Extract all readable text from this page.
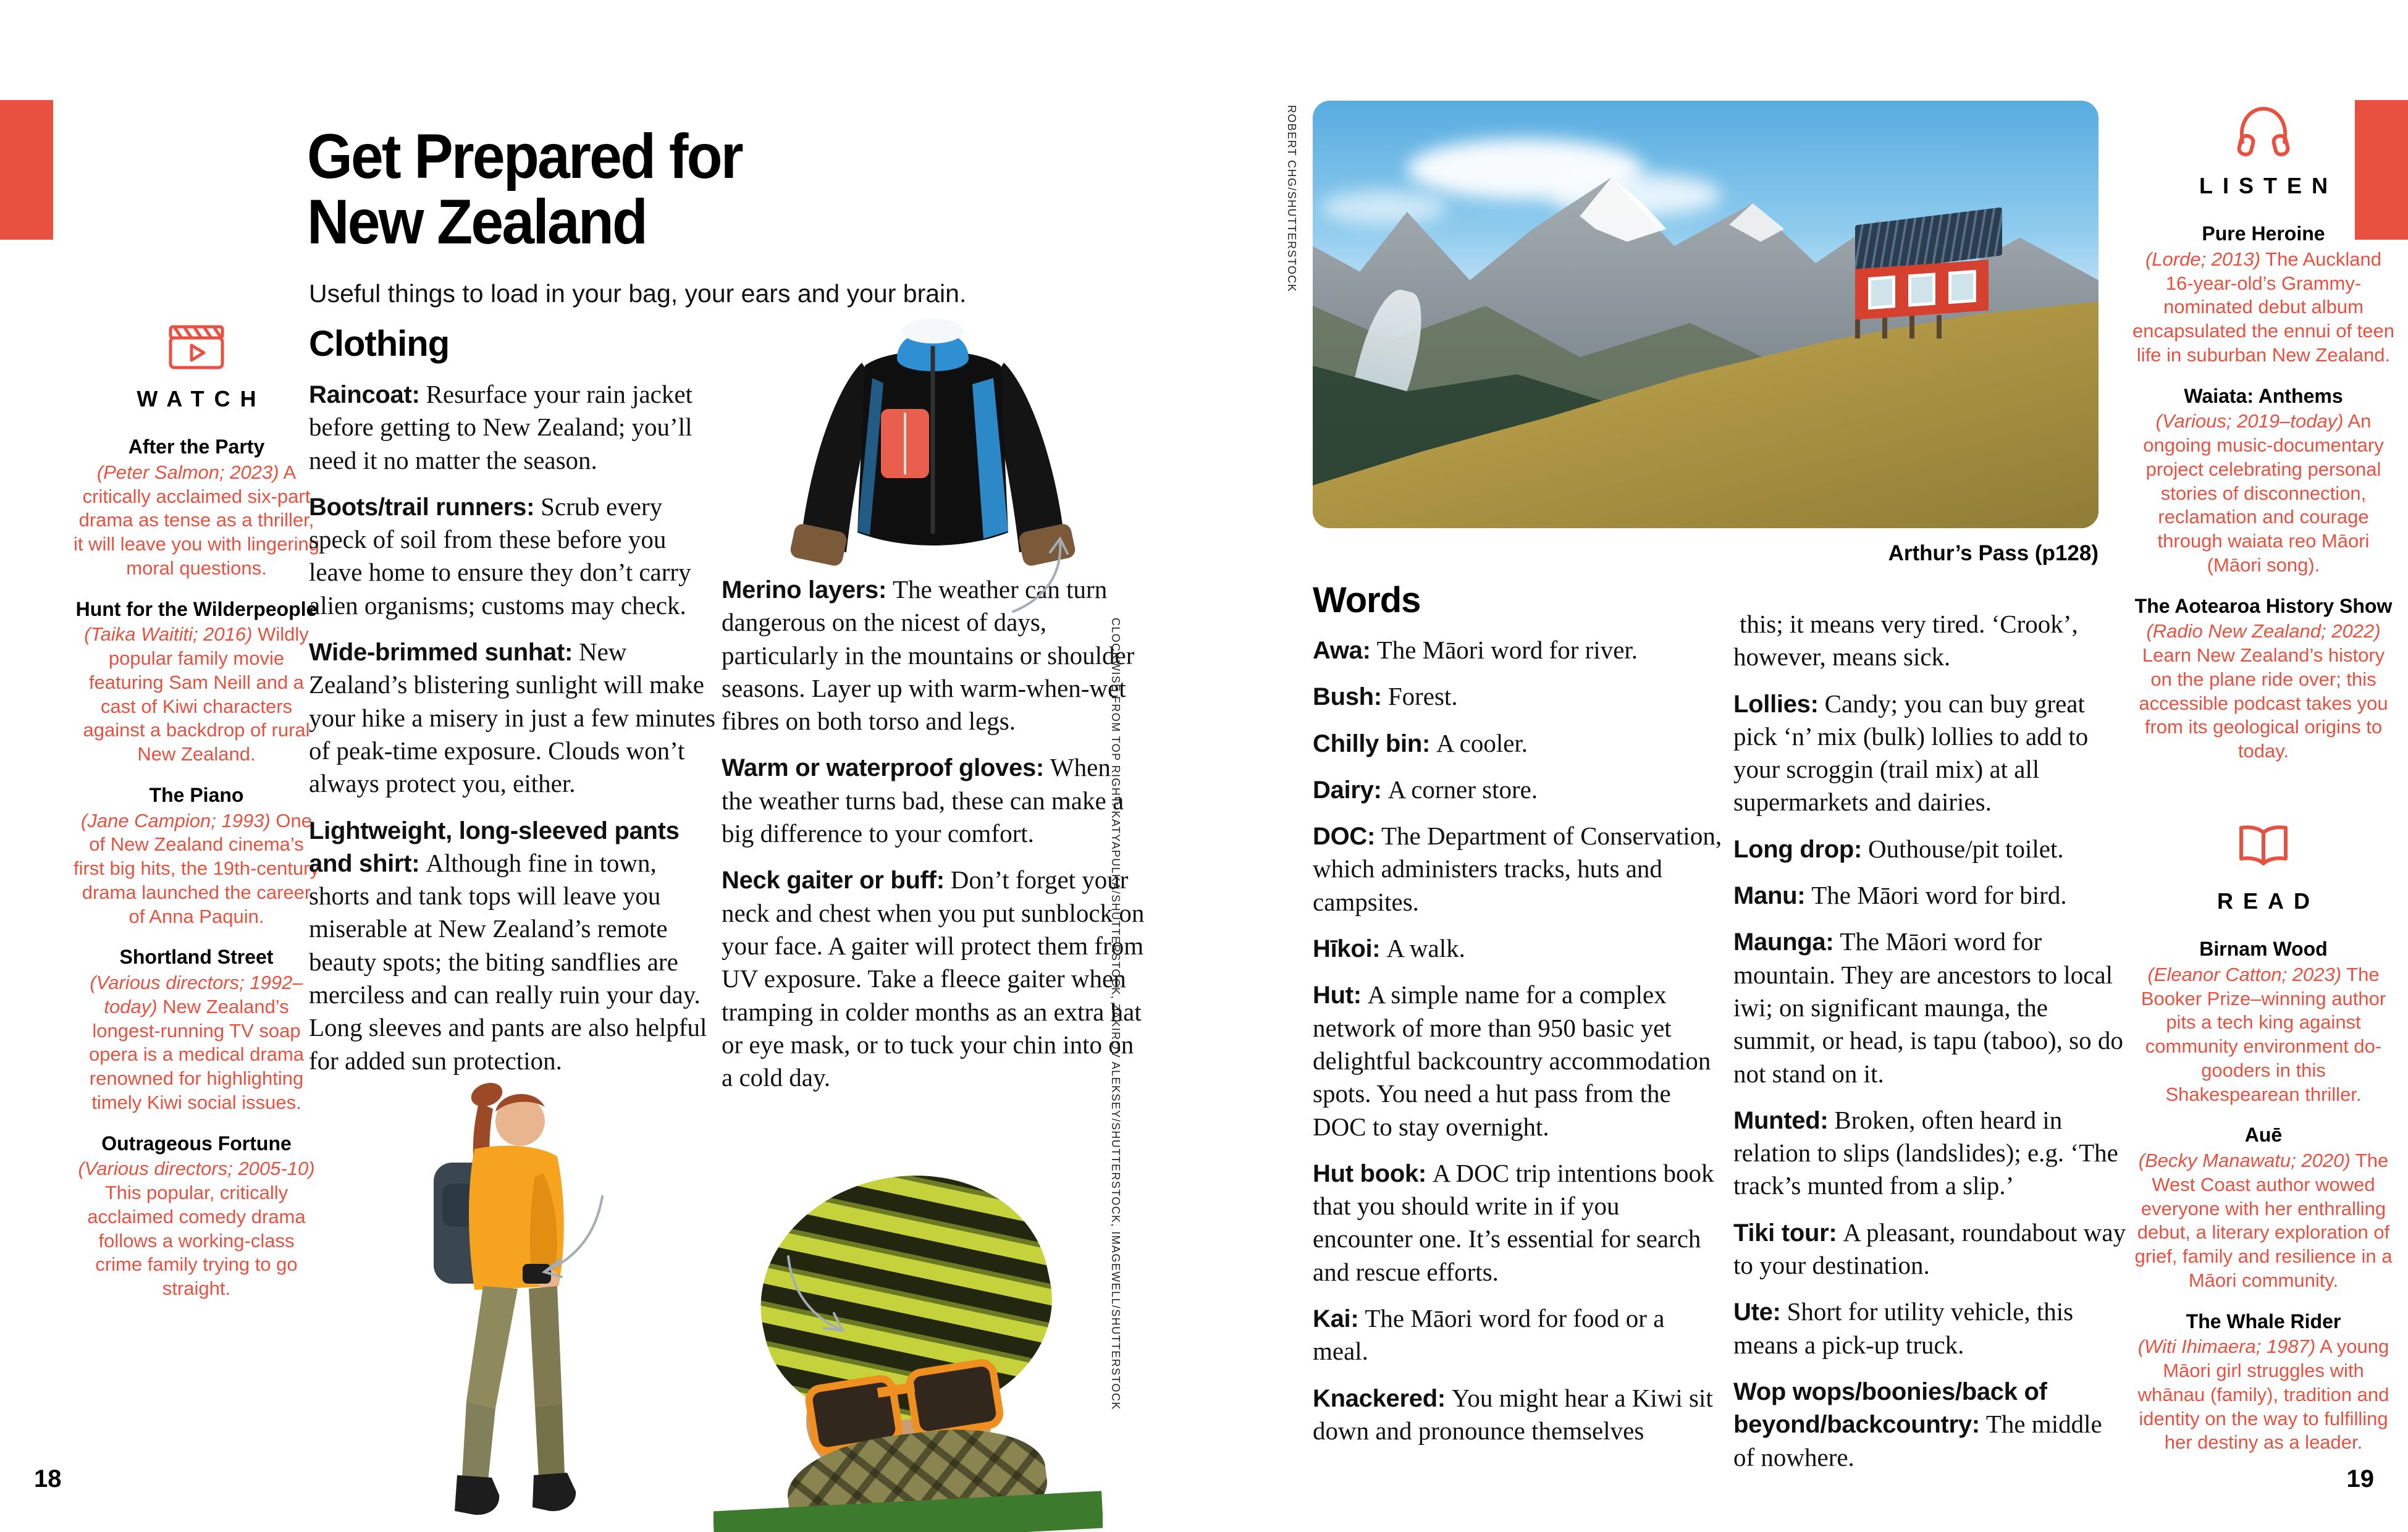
WATCH
After the Party
(Peter Salmon; 2023) A critically acclaimed six-part drama as tense as a thriller, it will leave you with lingering moral questions.
Hunt for the Wilderpeople
(Taika Waititi; 2016) Wildly popular family movie featuring Sam Neill and a cast of Kiwi characters against a backdrop of rural New Zealand.
The Piano
(Jane Campion; 1993) One of New Zealand cinema’s first big hits, the 19th-century drama launched the career of Anna Paquin.
Shortland Street
(Various directors; 1992–today) New Zealand’s longest-running TV soap opera is a medical drama renowned for highlighting timely Kiwi social issues.
Outrageous Fortune
(Various directors; 2005-10) This popular, critically acclaimed comedy drama follows a working-class crime family trying to go straight.
Get Prepared for
New Zealand
Useful things to load in your bag, your ears and your brain.
Clothing

Raincoat: Resurface your rain jacket before getting to New Zealand; you’ll need it no matter the season.

Boots/trail runners: Scrub every speck of soil from these before you leave home to ensure they don’t carry alien organisms; customs may check.

Wide-brimmed sunhat: New Zealand’s blistering sunlight will make your hike a misery in just a few minutes of peak-time exposure. Clouds won’t always protect you, either.

Lightweight, long-sleeved pants and shirt: Although fine in town, shorts and tank tops will leave you miserable at New Zealand’s remote beauty spots; the biting sandflies are merciless and can really ruin your day. Long sleeves and pants are also helpful for added sun protection.

Merino layers: The weather can turn dangerous on the nicest of days, particularly in the mountains or shoulder seasons. Layer up with warm-when-wet fibres on both torso and legs.

Warm or waterproof gloves: When the weather turns bad, these can make a big difference to your comfort.

Neck gaiter or buff: Don’t forget your neck and chest when you put sunblock on your face. A gaiter will protect them from UV exposure. Take a fleece gaiter when tramping in colder months as an extra hat or eye mask, or to tuck your chin into on a cold day.	CLOCKWISE FROM TOP RIGHT: KATYAPULKA/SHUTTERSTOCK, ZAKIROV ALEKSEY/SHUTTERSTOCK, IMAGEWELL/SHUTTERSTOCK
18
ROBERT CHG/SHUTTERSTOCK
Arthur’s Pass (p128)
Words

Awa: The Māori word for river.

Bush: Forest.

Chilly bin: A cooler.

Dairy: A corner store.

DOC: The Department of Conservation, which administers tracks, huts and campsites.

Hīkoi: A walk.

Hut: A simple name for a complex network of more than 950 basic yet delightful backcountry accommodation spots. You need a hut pass from the DOC to stay overnight.

Hut book: A DOC trip intentions book that you should write in if you encounter one. It’s essential for search and rescue efforts.

Kai: The Māori word for food or a meal.

Knackered: You might hear a Kiwi sit down and pronounce themselves

this; it means very tired. ‘Crook’, however, means sick.

Lollies: Candy; you can buy great pick ‘n’ mix (bulk) lollies to add to your scroggin (trail mix) at all supermarkets and dairies.

Long drop: Outhouse/pit toilet.

Manu: The Māori word for bird.

Maunga: The Māori word for mountain. They are ancestors to local iwi; on significant maunga, the summit, or head, is tapu (taboo), so do not stand on it.

Munted: Broken, often heard in relation to slips (landslides); e.g. ‘The track’s munted from a slip.’

Tiki tour: A pleasant, roundabout way to your destination.

Ute: Short for utility vehicle, this means a pick-up truck.

Wop wops/boonies/back of beyond/backcountry: The middle of nowhere.

LISTEN
Pure Heroine
(Lorde; 2013) The Auckland 16-year-old’s Grammy-nominated debut album encapsulated the ennui of teen life in suburban New Zealand.
Waiata: Anthems
(Various; 2019–today) An ongoing music-documentary project celebrating personal stories of disconnection, reclamation and courage through waiata reo Māori (Māori song).
The Aotearoa History Show
(Radio New Zealand; 2022) Learn New Zealand’s history on the plane ride over; this accessible podcast takes you from its geological origins to today.
READ
Birnam Wood
(Eleanor Catton; 2023) The Booker Prize–winning author pits a tech king against community environment do-gooders in this Shakespearean thriller.
Auē
(Becky Manawatu; 2020) The West Coast author wowed everyone with her enthralling debut, a literary exploration of grief, family and resilience in a Māori community.
The Whale Rider
(Witi Ihimaera; 1987) A young Māori girl struggles with whānau (family), tradition and identity on the way to fulfilling her destiny as a leader.
19
